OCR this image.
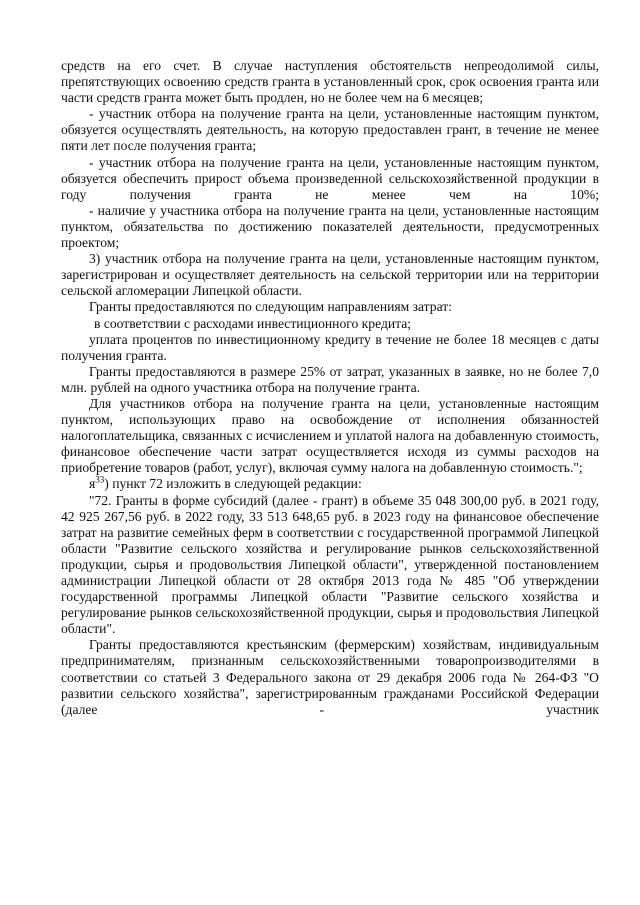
средств на его счет. В случае наступления обстоятельств непреодолимой силы, препятствующих освоению средств гранта в установленный срок, срок освоения гранта или части средств гранта может быть продлен, но не более чем на 6 месяцев;

- участник отбора на получение гранта на цели, установленные настоящим пунктом, обязуется осуществлять деятельность, на которую предоставлен грант, в течение не менее пяти лет после получения гранта;

- участник отбора на получение гранта на цели, установленные настоящим пунктом, обязуется обеспечить прирост объема произведенной сельскохозяйственной продукции в году получения гранта не менее чем на 10%;

- наличие у участника отбора на получение гранта на цели, установленные настоящим пунктом, обязательства по достижению показателей деятельности, предусмотренных проектом;

3) участник отбора на получение гранта на цели, установленные настоящим пунктом, зарегистрирован и осуществляет деятельность на сельской территории или на территории сельской агломерации Липецкой области.

Гранты предоставляются по следующим направлениям затрат:

в соответствии с расходами инвестиционного кредита;

уплата процентов по инвестиционному кредиту в течение не более 18 месяцев с даты получения гранта.

Гранты предоставляются в размере 25% от затрат, указанных в заявке, но не более 7,0 млн. рублей на одного участника отбора на получение гранта.

Для участников отбора на получение гранта на цели, установленные настоящим пунктом, использующих право на освобождение от исполнения обязанностей налогоплательщика, связанных с исчислением и уплатой налога на добавленную стоимость, финансовое обеспечение части затрат осуществляется исходя из суммы расходов на приобретение товаров (работ, услуг), включая сумму налога на добавленную стоимость.";

$я^{33}$) пункт 72 изложить в следующей редакции:

"72. Гранты в форме субсидий (далее - грант) в объеме 35 048 300,00 руб. в 2021 году, 42 925 267,56 руб. в 2022 году, 33 513 648,65 руб. в 2023 году на финансовое обеспечение затрат на развитие семейных ферм в соответствии с государственной программой Липецкой области "Развитие сельского хозяйства и регулирование рынков сельскохозяйственной продукции, сырья и продовольствия Липецкой области", утвержденной постановлением администрации Липецкой области от 28 октября 2013 года № 485 "Об утверждении государственной программы Липецкой области "Развитие сельского хозяйства и регулирование рынков сельскохозяйственной продукции, сырья и продовольствия Липецкой области".

Гранты предоставляются крестьянским (фермерским) хозяйствам, индивидуальным предпринимателям, признанным сельскохозяйственными товаропроизводителями в соответствии со статьей 3 Федерального закона от 29 декабря 2006 года № 264-ФЗ "О развитии сельского хозяйства", зарегистрированным гражданами Российской Федерации (далее - участник
